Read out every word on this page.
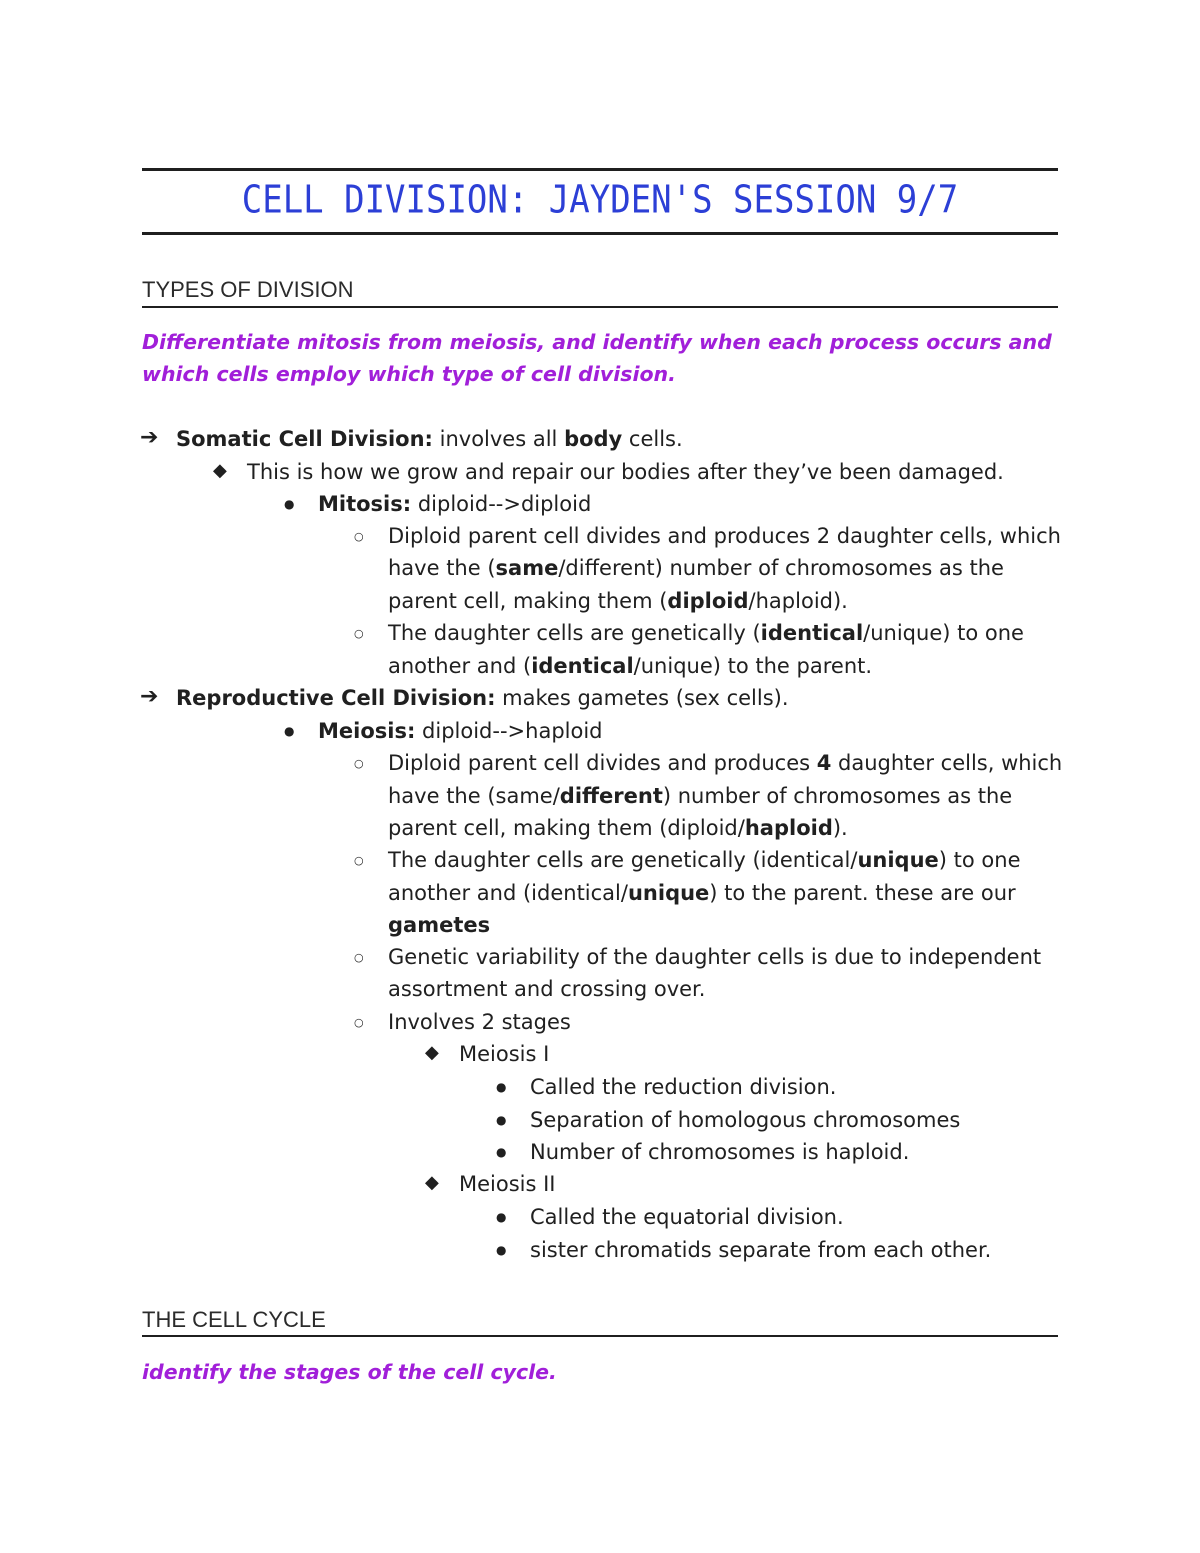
CELL DIVISION: JAYDEN'S SESSION 9/7
TYPES OF DIVISION
Differentiate mitosis from meiosis, and identify when each process occurs and which cells employ which type of cell division.
➔ Somatic Cell Division: involves all body cells.
◆ This is how we grow and repair our bodies after they’ve been damaged.
● Mitosis: diploid-->diploid
○ Diploid parent cell divides and produces 2 daughter cells, which
have the (same/different) number of chromosomes as the
parent cell, making them (diploid/haploid).
○ The daughter cells are genetically (identical/unique) to one
another and (identical/unique) to the parent.
➔ Reproductive Cell Division: makes gametes (sex cells).
● Meiosis: diploid-->haploid
○ Diploid parent cell divides and produces 4 daughter cells, which
have the (same/different) number of chromosomes as the
parent cell, making them (diploid/haploid).
○ The daughter cells are genetically (identical/unique) to one
another and (identical/unique) to the parent. these are our
gametes
○ Genetic variability of the daughter cells is due to independent
assortment and crossing over.
○ Involves 2 stages
◆ Meiosis I
● Called the reduction division.
● Separation of homologous chromosomes
● Number of chromosomes is haploid.
◆ Meiosis II
● Called the equatorial division.
● sister chromatids separate from each other.
THE CELL CYCLE
identify the stages of the cell cycle.
